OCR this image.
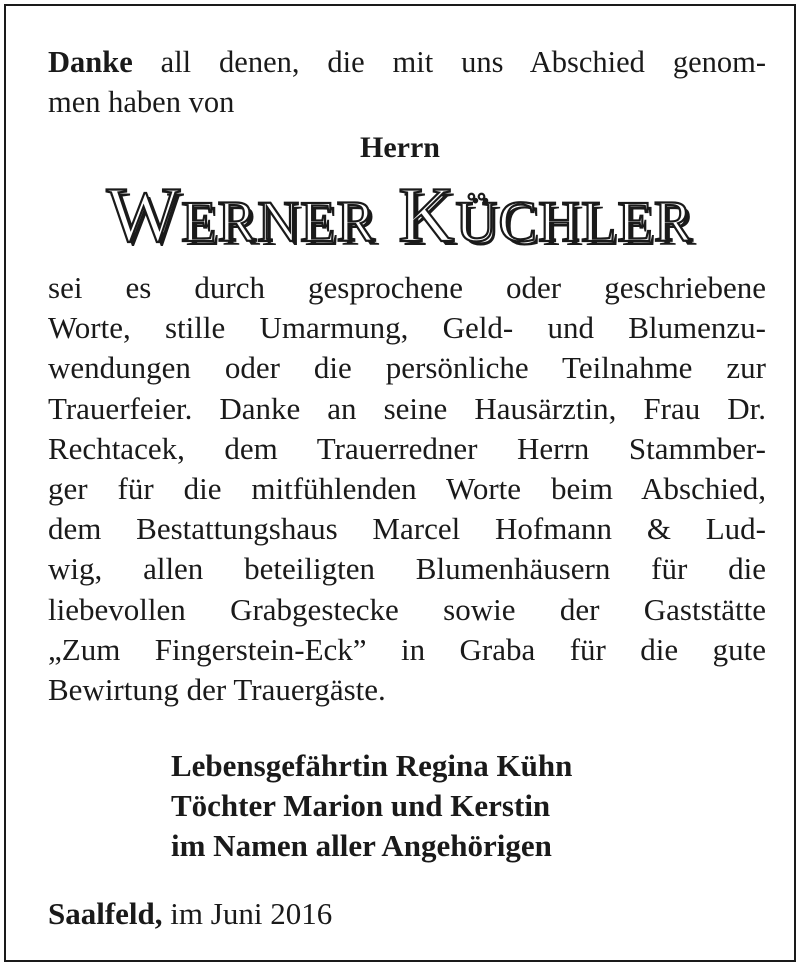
Danke all denen, die mit uns Abschied genom-
men haben von
Herrn
WERNER KÜCHLER
sei es durch gesprochene oder geschriebene
Worte, stille Umarmung, Geld- und Blumenzu-
wendungen oder die persönliche Teilnahme zur
Trauerfeier. Danke an seine Hausärztin, Frau Dr.
Rechtacek, dem Trauerredner Herrn Stammber-
ger für die mitfühlenden Worte beim Abschied,
dem Bestattungshaus Marcel Hofmann & Lud-
wig, allen beteiligten Blumenhäusern für die
liebevollen Grabgestecke sowie der Gaststätte
„Zum Fingerstein-Eck” in Graba für die gute
Bewirtung der Trauergäste.
Lebensgefährtin Regina Kühn
Töchter Marion und Kerstin
im Namen aller Angehörigen
Saalfeld, im Juni 2016
